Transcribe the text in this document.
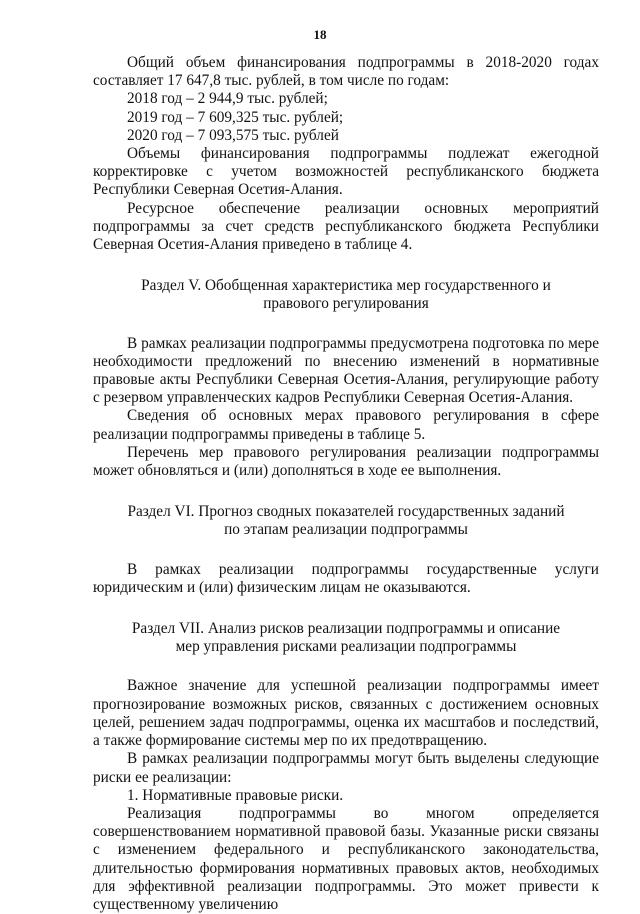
18

Общий объем финансирования подпрограммы в 2018-2020 годах составляет 17 647,8 тыс. рублей, в том числе по годам:

2018 год – 2 944,9 тыс. рублей;

2019 год – 7 609,325 тыс. рублей;

2020 год – 7 093,575 тыс. рублей

Объемы финансирования подпрограммы подлежат ежегодной корректировке с учетом возможностей республиканского бюджета Республики Северная Осетия-Алания.

Ресурсное обеспечение реализации основных мероприятий подпрограммы за счет средств республиканского бюджета Республики Северная Осетия-Алания приведено в таблице 4.

Раздел V. Обобщенная характеристика мер государственного и правового регулирования

В рамках реализации подпрограммы предусмотрена подготовка по мере необходимости предложений по внесению изменений в нормативные правовые акты Республики Северная Осетия-Алания, регулирующие работу с резервом управленческих кадров Республики Северная Осетия-Алания.

Сведения об основных мерах правового регулирования в сфере реализации подпрограммы приведены в таблице 5.

Перечень мер правового регулирования реализации подпрограммы может обновляться и (или) дополняться в ходе ее выполнения.

Раздел VI. Прогноз сводных показателей государственных заданий по этапам реализации подпрограммы

В рамках реализации подпрограммы государственные услуги юридическим и (или) физическим лицам не оказываются.

Раздел VII. Анализ рисков реализации подпрограммы и описание мер управления рисками реализации подпрограммы

Важное значение для успешной реализации подпрограммы имеет прогнозирование возможных рисков, связанных с достижением основных целей, решением задач подпрограммы, оценка их масштабов и последствий, а также формирование системы мер по их предотвращению.

В рамках реализации подпрограммы могут быть выделены следующие риски ее реализации:

1. Нормативные правовые риски.

Реализация подпрограммы во многом определяется совершенствованием нормативной правовой базы. Указанные риски связаны с изменением федерального и республиканского законодательства, длительностью формирования нормативных правовых актов, необходимых для эффективной реализации подпрограммы. Это может привести к существенному увеличению
